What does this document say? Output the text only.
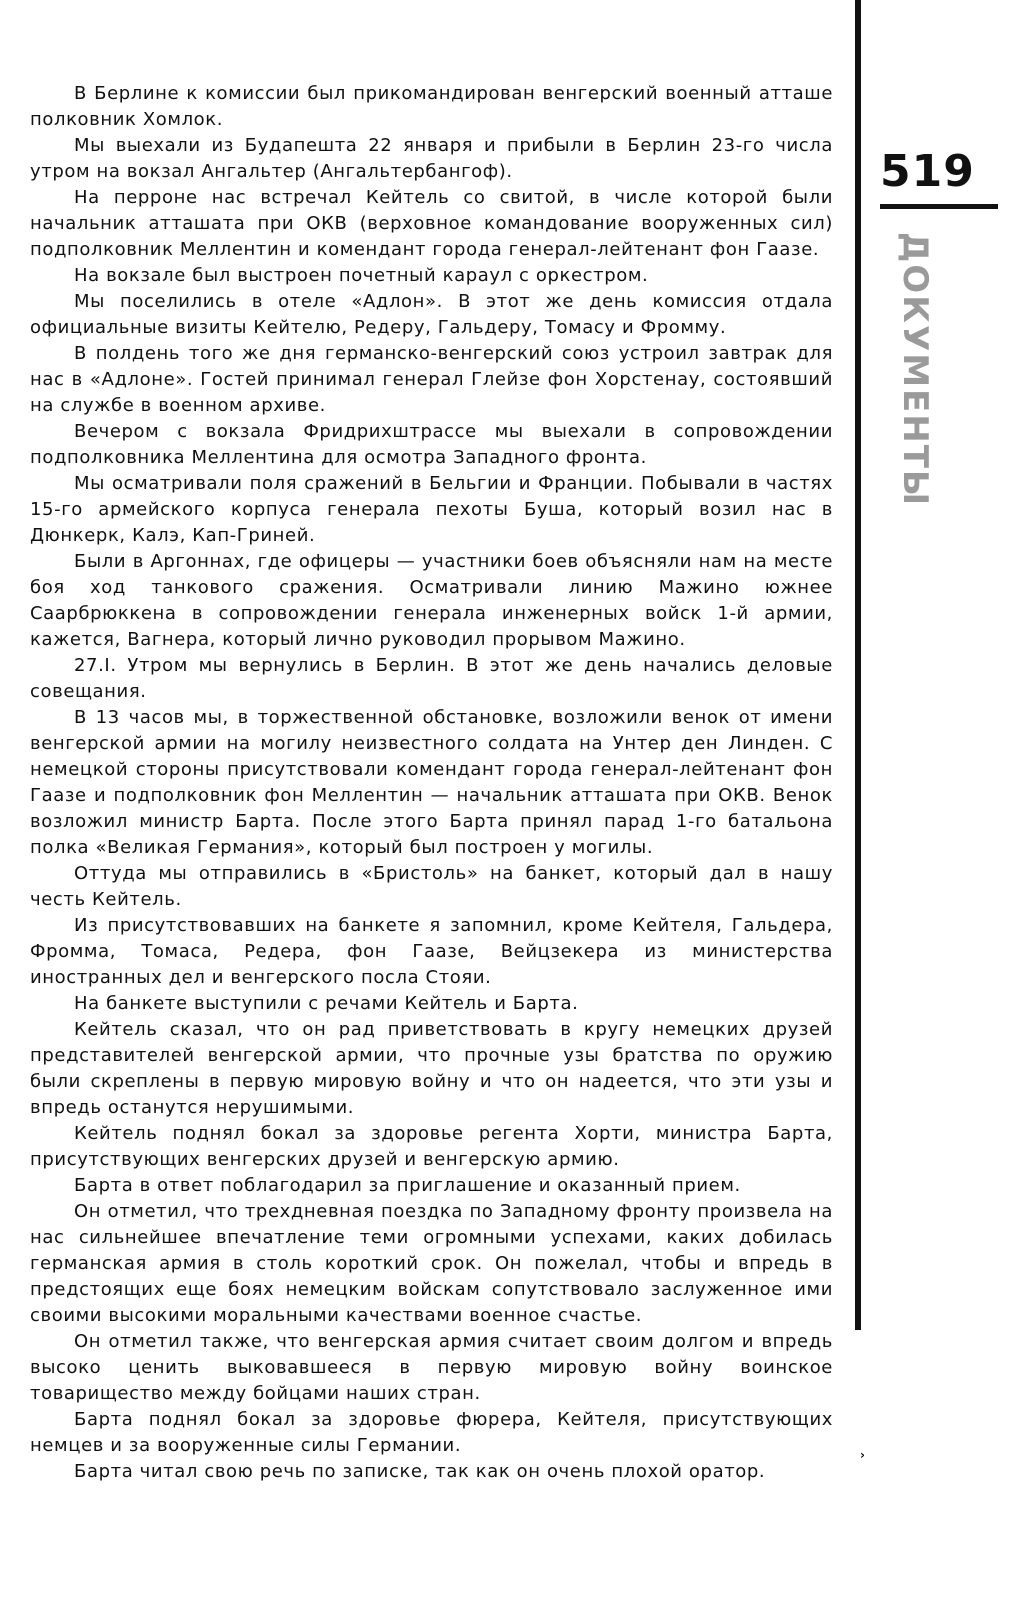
В Берлине к комиссии был прикомандирован венгерский военный атташе полковник Хомлок.

Мы выехали из Будапешта 22 января и прибыли в Берлин 23-го числа утром на вокзал Ангальтер (Ангальтербангоф).

На перроне нас встречал Кейтель со свитой, в числе которой были начальник атташата при ОКВ (верховное командование вооруженных сил) подполковник Меллентин и комендант города генерал-лейтенант фон Гаазе.

На вокзале был выстроен почетный караул с оркестром.

Мы поселились в отеле «Адлон». В этот же день комиссия отдала официальные визиты Кейтелю, Редеру, Гальдеру, Томасу и Фромму.

В полдень того же дня германско-венгерский союз устроил завтрак для нас в «Адлоне». Гостей принимал генерал Глейзе фон Хорстенау, состоявший на службе в военном архиве.

Вечером с вокзала Фридрихштрассе мы выехали в сопровождении подполковника Меллентина для осмотра Западного фронта.

Мы осматривали поля сражений в Бельгии и Франции. Побывали в частях 15-го армейского корпуса генерала пехоты Буша, который возил нас в Дюнкерк, Калэ, Кап-Гриней.

Были в Аргоннах, где офицеры — участники боев объясняли нам на месте боя ход танкового сражения. Осматривали линию Мажино южнее Саарбрюккена в сопровождении генерала инженерных войск 1-й армии, кажется, Вагнера, который лично руководил прорывом Мажино.

27.I. Утром мы вернулись в Берлин. В этот же день начались деловые совещания.

В 13 часов мы, в торжественной обстановке, возложили венок от имени венгерской армии на могилу неизвестного солдата на Унтер ден Линден. С немецкой стороны присутствовали комендант города генерал-лейтенант фон Гаазе и подполковник фон Меллентин — начальник атташата при ОКВ. Венок возложил министр Барта. После этого Барта принял парад 1-го батальона полка «Великая Германия», который был построен у могилы.

Оттуда мы отправились в «Бристоль» на банкет, который дал в нашу честь Кейтель.

Из присутствовавших на банкете я запомнил, кроме Кейтеля, Гальдера, Фромма, Томаса, Редера, фон Гаазе, Вейцзекера из министерства иностранных дел и венгерского посла Стояи.

На банкете выступили с речами Кейтель и Барта.

Кейтель сказал, что он рад приветствовать в кругу немецких друзей представителей венгерской армии, что прочные узы братства по оружию были скреплены в первую мировую войну и что он надеется, что эти узы и впредь останутся нерушимыми.

Кейтель поднял бокал за здоровье регента Хорти, министра Барта, присутствующих венгерских друзей и венгерскую армию.

Барта в ответ поблагодарил за приглашение и оказанный прием.

Он отметил, что трехдневная поездка по Западному фронту произвела на нас сильнейшее впечатление теми огромными успехами, каких добилась германская армия в столь короткий срок. Он пожелал, чтобы и впредь в предстоящих еще боях немецким войскам сопутствовало заслуженное ими своими высокими моральными качествами военное счастье.

Он отметил также, что венгерская армия считает своим долгом и впредь высоко ценить выковавшееся в первую мировую войну воинское товарищество между бойцами наших стран.

Барта поднял бокал за здоровье фюрера, Кейтеля, присутствующих немцев и за вооруженные силы Германии.

Барта читал свою речь по записке, так как он очень плохой оратор.

519
ДОКУМЕНТЫ
›
